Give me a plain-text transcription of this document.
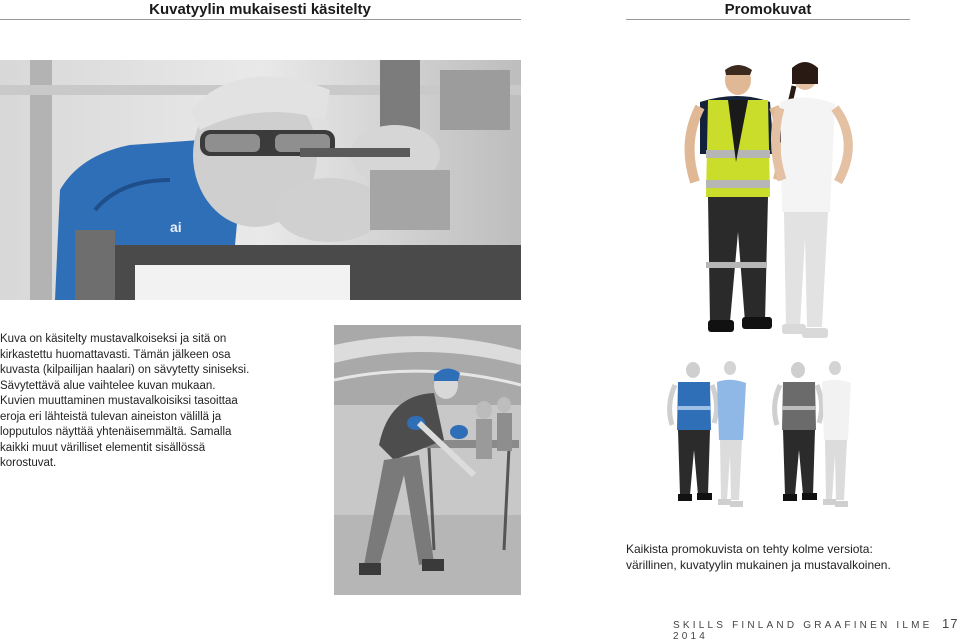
Kuvatyylin mukaisesti käsitelty	Promokuvat
ai
Kuva on käsitelty mustavalkoiseksi ja sitä on
kirkastettu huomattavasti. Tämän jälkeen osa
kuvasta (kilpailijan haalari) on sävytetty siniseksi.
Sävytettävä alue vaihtelee kuvan mukaan.
Kuvien muuttaminen mustavalkoisiksi tasoittaa
eroja eri lähteistä tulevan aineiston välillä ja
lopputulos näyttää yhtenäisemmältä. Samalla
kaikki muut värilliset elementit sisällössä
korostuvat.
Kaikista promokuvista on tehty kolme versiota:
värillinen, kuvatyylin mukainen ja mustavalkoinen.
SKILLS FINLAND GRAAFINEN ILME 2014
17
